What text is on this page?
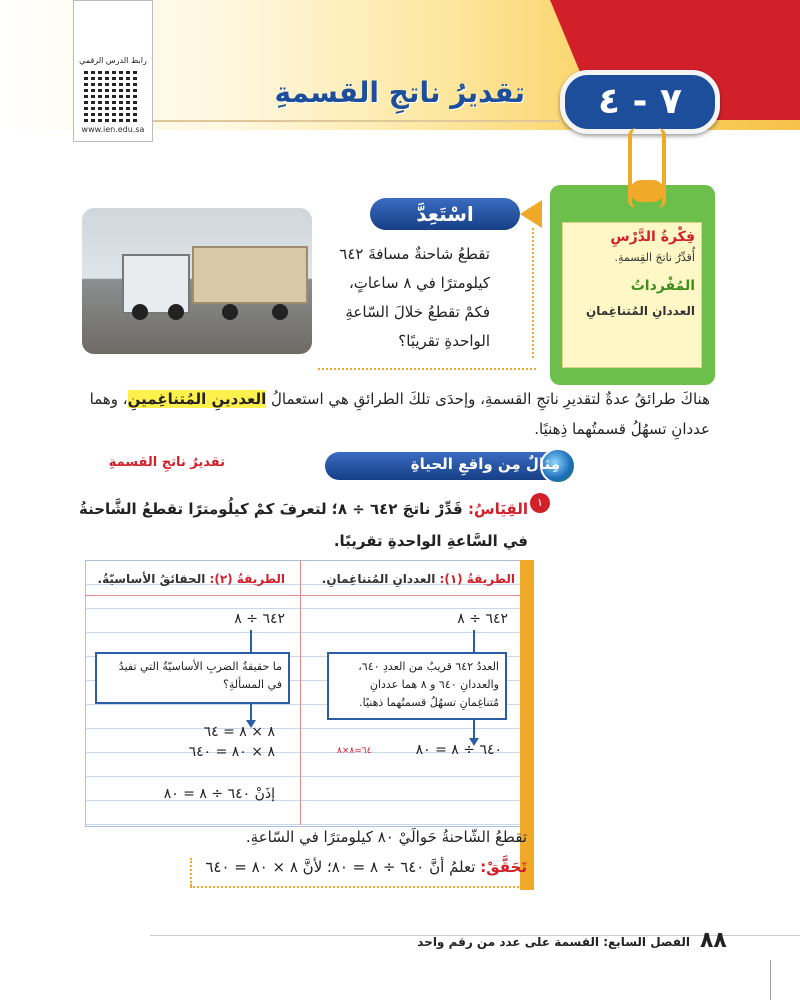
رابط الدرس الرقمي
www.ien.edu.sa
٧ - ٤
تقديرُ ناتجِ القسمةِ
فِكْرةُ الدَّرْسِ
أُقدِّرُ ناتجَ القِسمةِ.
المُفْرداتُ
العددانِ المُتناغِمانِ
اسْتَعِدَّ
تقطعُ شاحنةٌ مسافةَ ٦٤٢ كيلومترًا في ٨ ساعاتٍ، فكمْ تقطعُ خلالَ السّاعةِ الواحدةِ تقريبًا؟
هناكَ طرائقُ عدةٌ لتقديرِ ناتجِ القسمةِ، وإحدَى تلكَ الطرائقِ هي استعمالُ العددينِ المُتناغِمينِ، وهما عددانِ تسهُلُ قسمتُهما ذِهنيًا.
مِثالٌ مِن واقعِ الحياةِ
تقديرُ ناتجِ القسمةِ
١
القِيَاسُ: قَدِّرْ ناتجَ ٦٤٢ ÷ ٨؛ لتعرفَ كمْ كيلُومترًا تقطعُ الشَّاحنةُ في السَّاعةِ الواحدةِ تقريبًا.
الطريقةُ (١): العددانِ المُتناغِمانِ.
٦٤٢ ÷ ٨
العددُ ٦٤٢ قريبٌ من العددِ ٦٤٠، والعددانِ ٦٤٠ و ٨ هما عددانِ مُتناغِمانِ تسهُلُ قسمتُهما ذهنيًا.
٦٤٠ ÷ ٨ = ٨٠
٦٤=٨×٨
الطريقةُ (٢): الحقائقُ الأساسيّةُ.
٦٤٢ ÷ ٨
ما حقيقةُ الضربِ الأساسيّةُ التي تفيدُ في المسألةِ؟
٨ × ٨ = ٦٤
٨ × ٨٠ = ٦٤٠
إذَنْ ٦٤٠ ÷ ٨ = ٨٠
تقطعُ الشّاحنةُ حَوالَيْ ٨٠ كيلومترًا في السّاعةِ.
تَحَقَّقْ: تعلمُ أنَّ ٦٤٠ ÷ ٨ = ٨٠؛ لأنَّ ٨ × ٨٠ = ٦٤٠
٨٨
الفصل السابع: القسمة على عدد من رقم واحد
